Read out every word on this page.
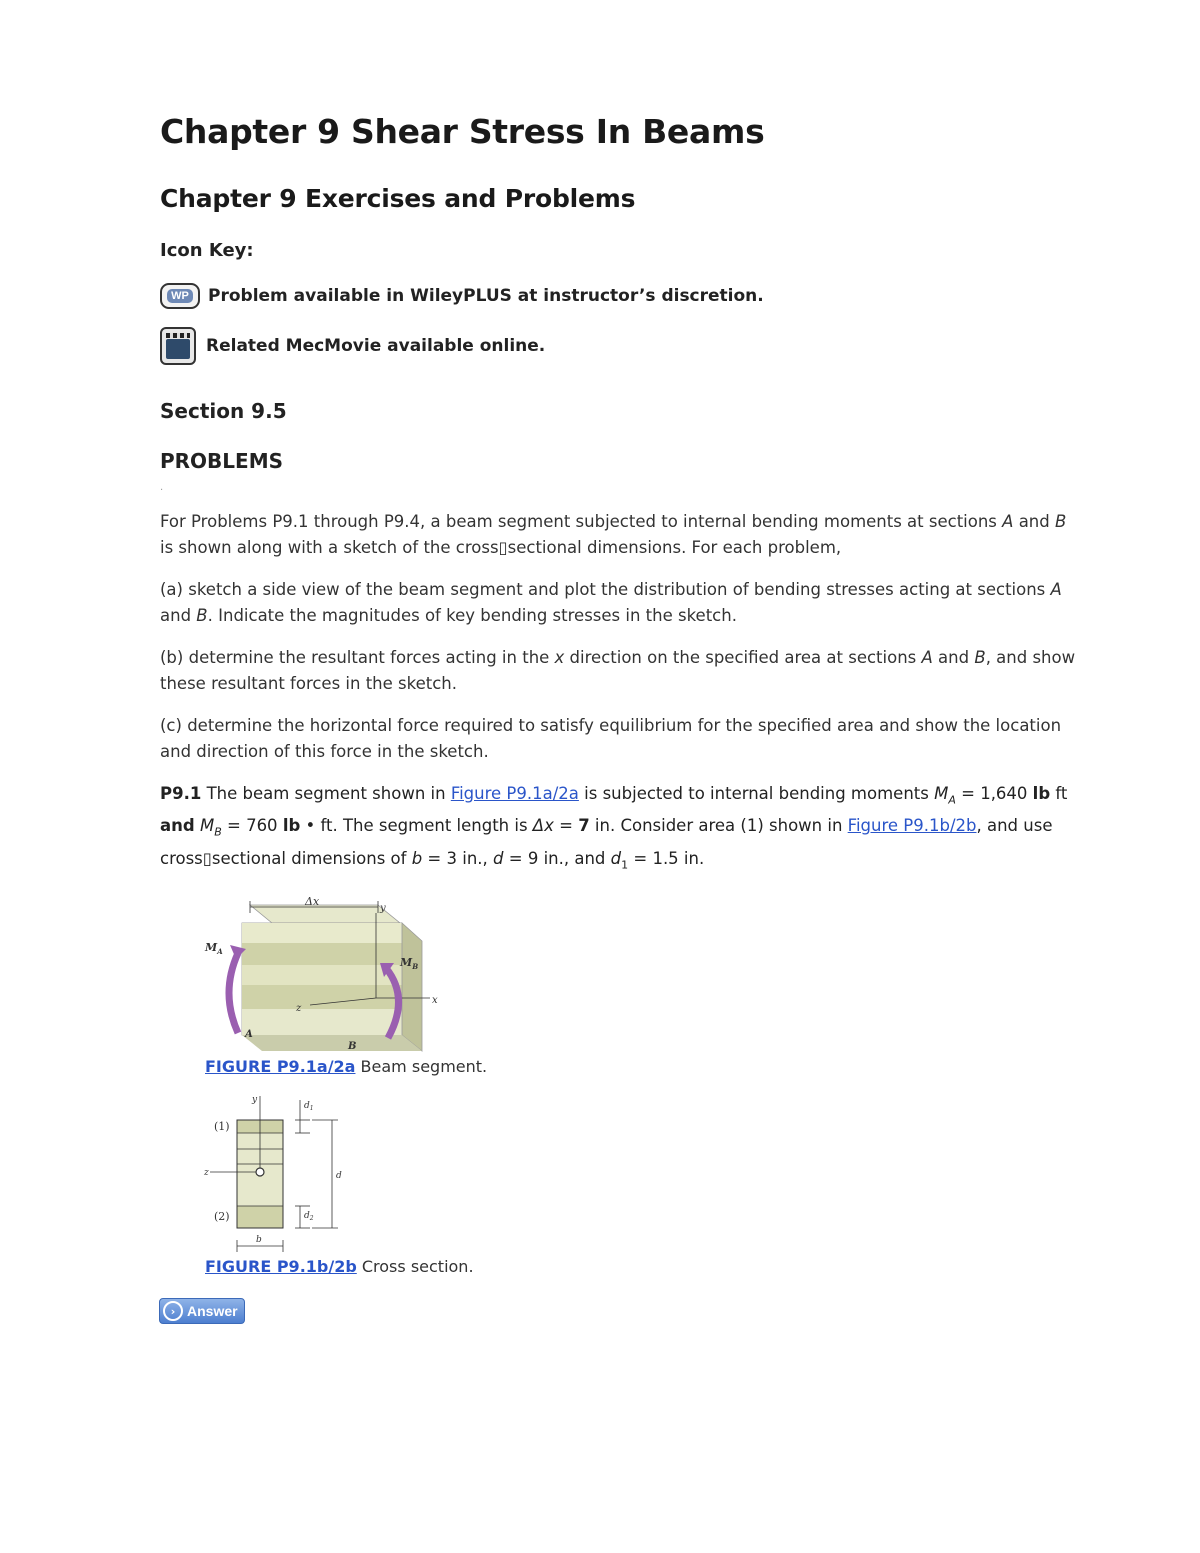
Chapter 9 Shear Stress In Beams
Chapter 9 Exercises and Problems
Icon Key:
WP Problem available in WileyPLUS at instructor’s discretion.
Related MecMovie available online.
Section 9.5
PROBLEMS
·

For Problems P9.1 through P9.4, a beam segment subjected to internal bending moments at sections A and B is shown along with a sketch of the cross▯sectional dimensions. For each problem,

(a) sketch a side view of the beam segment and plot the distribution of bending stresses acting at sections A and B. Indicate the magnitudes of key bending stresses in the sketch.

(b) determine the resultant forces acting in the x direction on the specified area at sections A and B, and show these resultant forces in the sketch.

(c) determine the horizontal force required to satisfy equilibrium for the specified area and show the location and direction of this force in the sketch.

P9.1 The beam segment shown in Figure P9.1a/2a is subjected to internal bending moments $M_A = 1,640$ lb ft and $M_B = 760$ lb • ft. The segment length is Δx = 7 in. Consider area (1) shown in Figure P9.1b/2b, and use cross▯sectional dimensions of b = 3 in., d = 9 in., and $d_1 = 1.5$ in.

Δx
y
x
z
$M_A$
$M_B$
A
B
FIGURE P9.1a/2a Beam segment.
y
z
(1)
(2)
$d_1$
d
$d_2$
b
FIGURE P9.1b/2b Cross section.
› Answer
